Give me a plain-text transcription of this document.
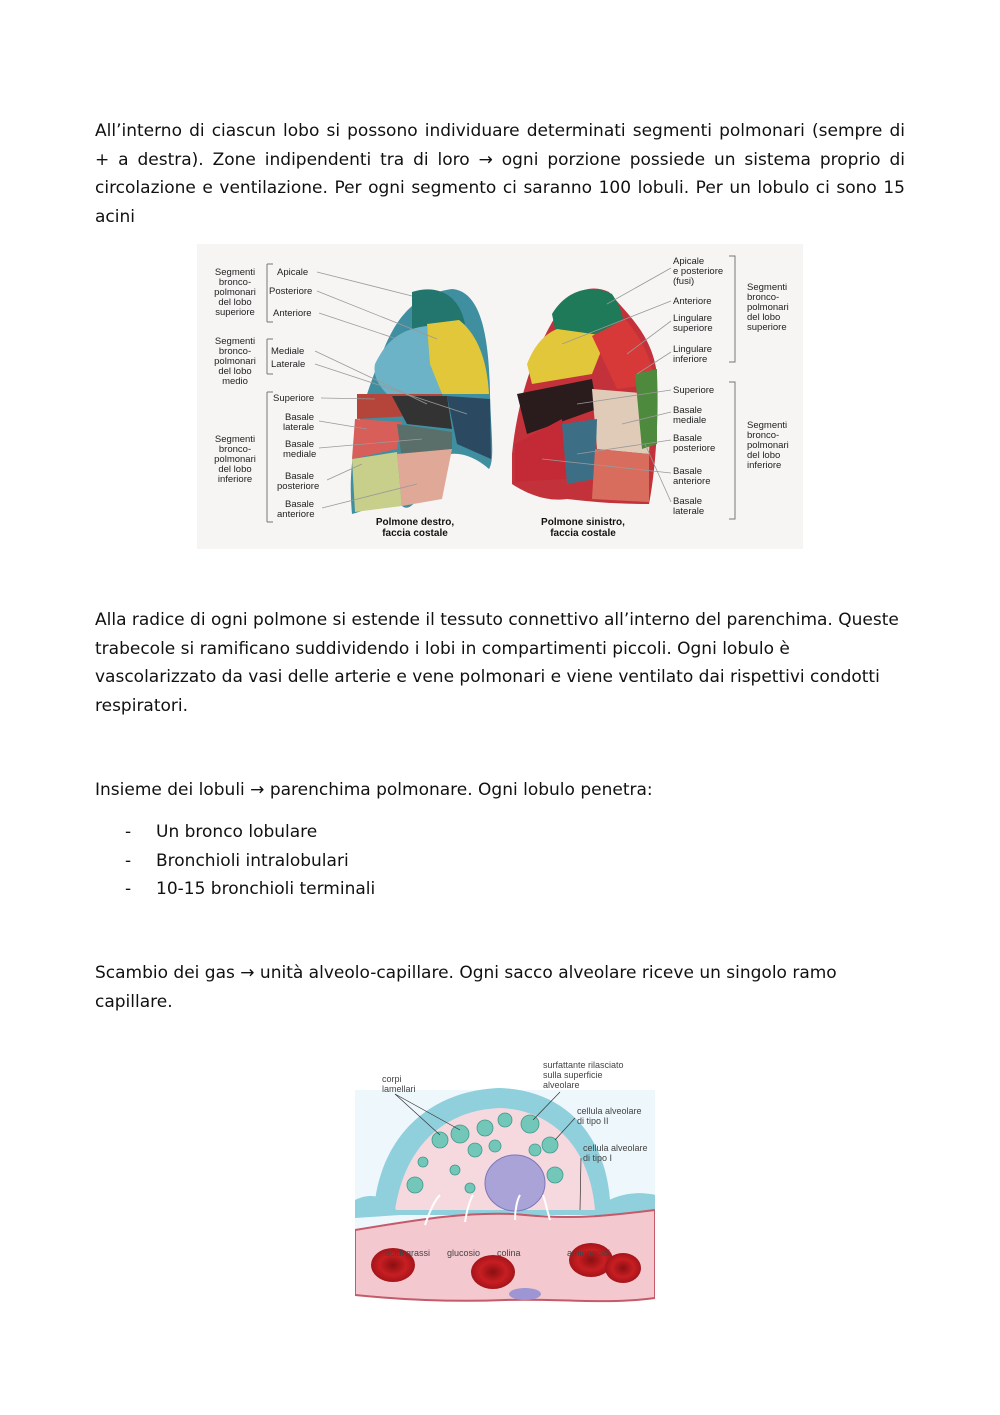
All’interno di ciascun lobo si possono individuare determinati segmenti polmonari (sempre di + a destra). Zone indipendenti tra di loro → ogni porzione possiede un sistema proprio di circolazione e ventilazione. Per ogni segmento ci saranno 100 lobuli. Per un lobulo ci sono 15 acini

Segmenti bronco-polmonari del lobo superiore
Segmenti bronco-polmonari del lobo medio
Segmenti bronco-polmonari del lobo inferiore
Apicale
Posteriore
Anteriore
Mediale
Laterale
Superiore
Basale laterale
Basale mediale
Basale posteriore
Basale anteriore
Apicale e posteriore (fusi)
Anteriore
Lingulare superiore
Lingulare inferiore
Superiore
Basale mediale
Basale posteriore
Basale anteriore
Basale laterale
Segmenti bronco-polmonari del lobo superiore
Segmenti bronco-polmonari del lobo inferiore
Polmone destro,
faccia costale
Polmone sinistro,
faccia costale

Alla radice di ogni polmone si estende il tessuto connettivo all’interno del parenchima. Queste trabecole si ramificano suddividendo i lobi in compartimenti piccoli. Ogni lobulo è vascolarizzato da vasi delle arterie e vene polmonari e viene ventilato dai rispettivi condotti respiratori.

Insieme dei lobuli → parenchima polmonare. Ogni lobulo penetra:

- Un bronco lobulare
- Bronchioli intralobulari
- 10-15 bronchioli terminali

Scambio dei gas → unità alveolo-capillare. Ogni sacco alveolare riceve un singolo ramo capillare.

corpi lamellari
surfattante rilasciato sulla superficie alveolare
cellula alveolare di tipo II
cellula alveolare di tipo I
acidi grassi glucosio colina	aminoacidi
